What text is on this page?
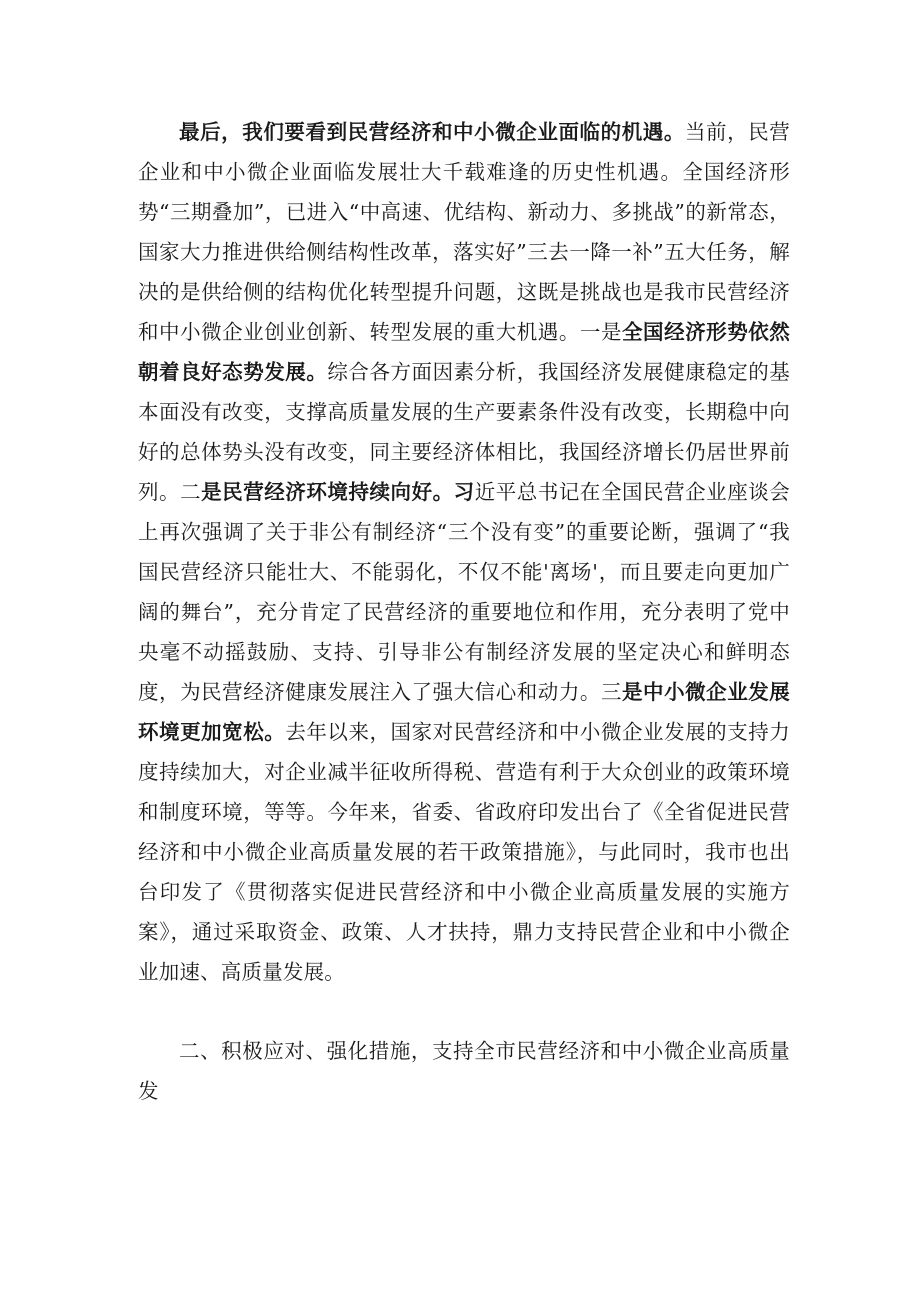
最后，我们要看到民营经济和中小微企业面临的机遇。当前，民营企业和中小微企业面临发展壮大千载难逢的历史性机遇。全国经济形势“三期叠加”，已进入“中高速、优结构、新动力、多挑战”的新常态，国家大力推进供给侧结构性改革，落实好”三去一降一补”五大任务，解决的是供给侧的结构优化转型提升问题，这既是挑战也是我市民营经济和中小微企业创业创新、转型发展的重大机遇。一是全国经济形势依然朝着良好态势发展。综合各方面因素分析，我国经济发展健康稳定的基本面没有改变，支撑高质量发展的生产要素条件没有改变，长期稳中向好的总体势头没有改变，同主要经济体相比，我国经济增长仍居世界前列。二是民营经济环境持续向好。习近平总书记在全国民营企业座谈会上再次强调了关于非公有制经济“三个没有变”的重要论断，强调了“我国民营经济只能壮大、不能弱化，不仅不能'离场'，而且要走向更加广阔的舞台”，充分肯定了民营经济的重要地位和作用，充分表明了党中央毫不动摇鼓励、支持、引导非公有制经济发展的坚定决心和鲜明态度，为民营经济健康发展注入了强大信心和动力。三是中小微企业发展环境更加宽松。去年以来，国家对民营经济和中小微企业发展的支持力度持续加大，对企业减半征收所得税、营造有利于大众创业的政策环境和制度环境，等等。今年来，省委、省政府印发出台了《全省促进民营经济和中小微企业高质量发展的若干政策措施》，与此同时，我市也出台印发了《贯彻落实促进民营经济和中小微企业高质量发展的实施方案》，通过采取资金、政策、人才扶持，鼎力支持民营企业和中小微企业加速、高质量发展。

二、积极应对、强化措施，支持全市民营经济和中小微企业高质量发
